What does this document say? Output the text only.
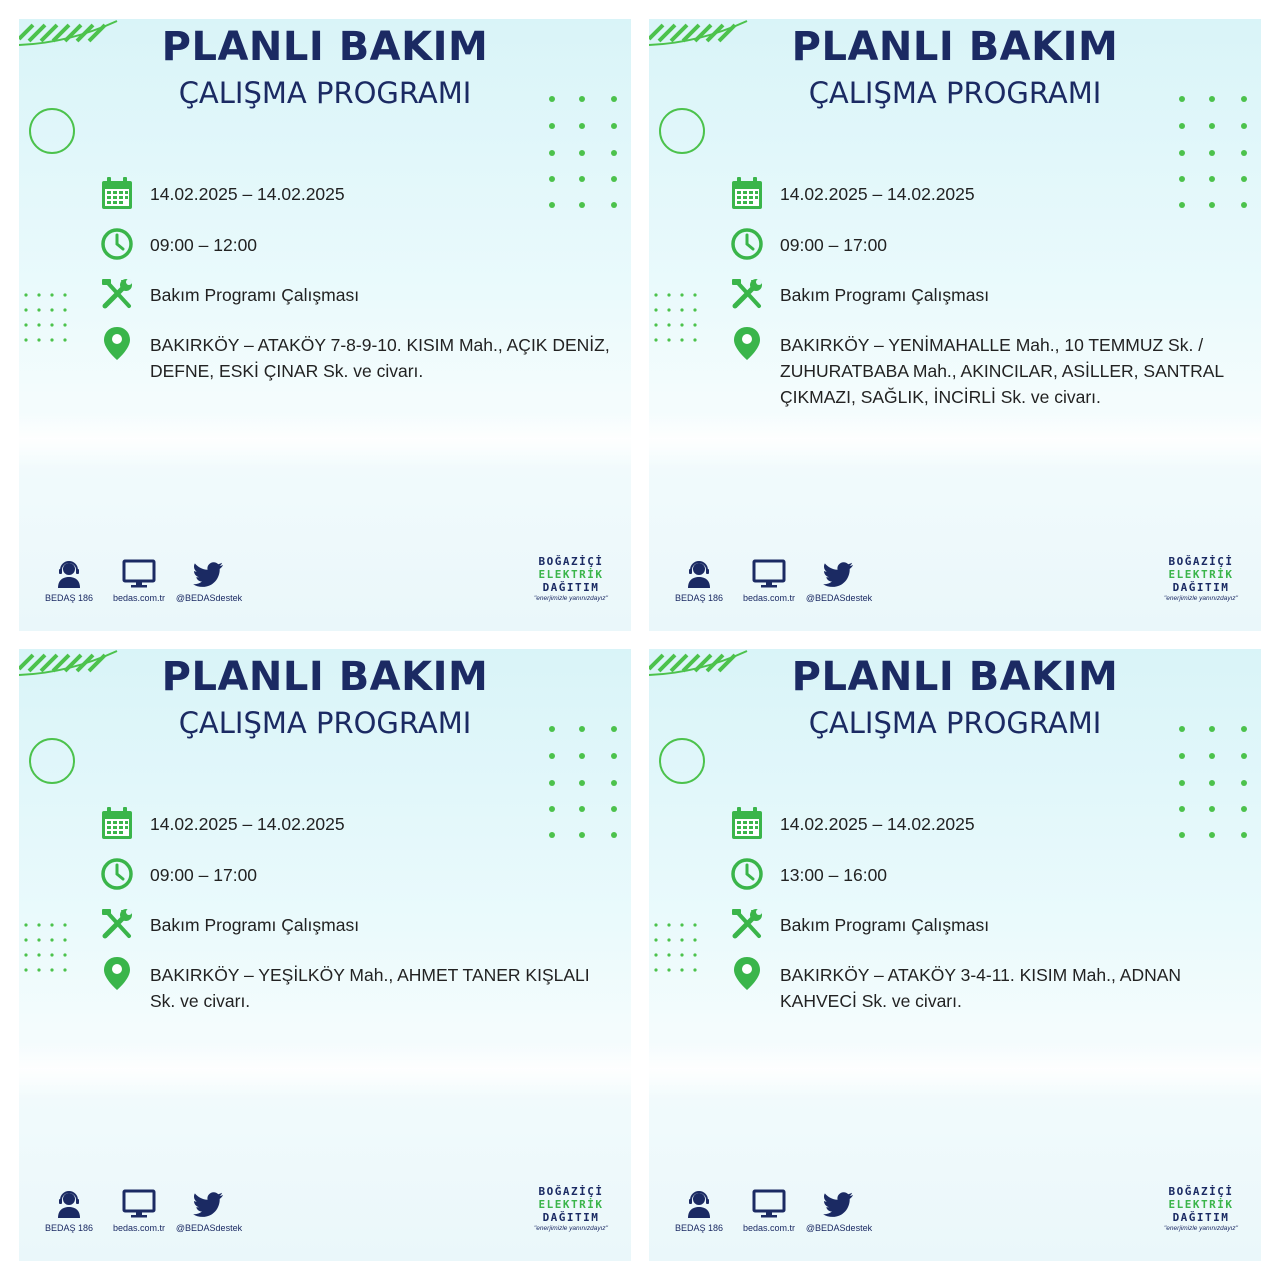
PLANLI BAKIM
ÇALIŞMA PROGRAMI
14.02.2025 – 14.02.2025
09:00 – 12:00
Bakım Programı Çalışması
BAKIRKÖY – ATAKÖY 7-8-9-10. KISIM Mah., AÇIK DENİZ, DEFNE, ESKİ ÇINAR Sk. ve civarı.
BEDAŞ 186	bedas.com.tr	@BEDASdestek
BOĞAZİÇİ
ELEKTRİK
DAĞITIM
"enerjimizle yanınızdayız"
PLANLI BAKIM
ÇALIŞMA PROGRAMI
14.02.2025 – 14.02.2025
09:00 – 17:00
Bakım Programı Çalışması
BAKIRKÖY – YENİMAHALLE Mah., 10 TEMMUZ Sk. / ZUHURATBABA Mah., AKINCILAR, ASİLLER, SANTRAL ÇIKMAZI, SAĞLIK, İNCİRLİ Sk. ve civarı.
BEDAŞ 186	bedas.com.tr	@BEDASdestek
BOĞAZİÇİ
ELEKTRİK
DAĞITIM
"enerjimizle yanınızdayız"
PLANLI BAKIM
ÇALIŞMA PROGRAMI
14.02.2025 – 14.02.2025
09:00 – 17:00
Bakım Programı Çalışması
BAKIRKÖY – YEŞİLKÖY Mah., AHMET TANER KIŞLALI Sk. ve civarı.
BEDAŞ 186	bedas.com.tr	@BEDASdestek
BOĞAZİÇİ
ELEKTRİK
DAĞITIM
"enerjimizle yanınızdayız"
PLANLI BAKIM
ÇALIŞMA PROGRAMI
14.02.2025 – 14.02.2025
13:00 – 16:00
Bakım Programı Çalışması
BAKIRKÖY – ATAKÖY 3-4-11. KISIM Mah., ADNAN KAHVECİ Sk. ve civarı.
BEDAŞ 186	bedas.com.tr	@BEDASdestek
BOĞAZİÇİ
ELEKTRİK
DAĞITIM
"enerjimizle yanınızdayız"
